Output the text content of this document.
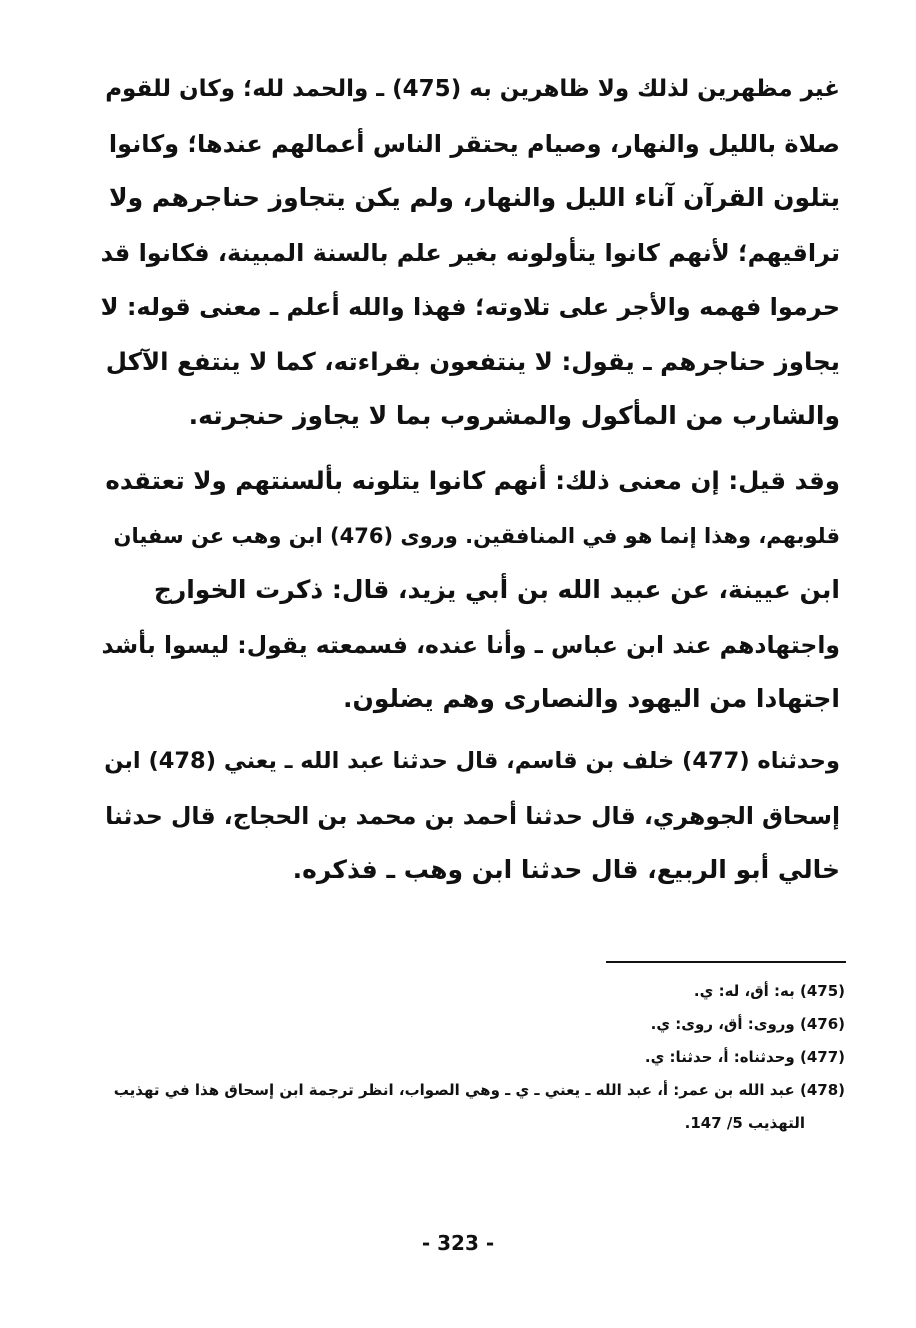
غير مظهرين لذلك ولا ظاهرين به (475) ـ والحمد لله؛ وكان للقوم
صلاة بالليل والنهار، وصيام يحتقر الناس أعمالهم عندها؛ وكانوا
يتلون القرآن آناء الليل والنهار، ولم يكن يتجاوز حناجرهم ولا
تراقيهم؛ لأنهم كانوا يتأولونه بغير علم بالسنة المبينة، فكانوا قد
حرموا فهمه والأجر على تلاوته؛ فهذا والله أعلم ـ معنى قوله: لا
يجاوز حناجرهم ـ يقول: لا ينتفعون بقراءته، كما لا ينتفع الآكل
والشارب من المأكول والمشروب بما لا يجاوز حنجرته.
وقد قيل: إن معنى ذلك: أنهم كانوا يتلونه بألسنتهم ولا تعتقده
قلوبهم، وهذا إنما هو في المنافقين. وروى (476) ابن وهب عن سفيان
ابن عيينة، عن عبيد الله بن أبي يزيد، قال: ذكرت الخوارج
واجتهادهم عند ابن عباس ـ وأنا عنده، فسمعته يقول: ليسوا بأشد
اجتهادا من اليهود والنصارى وهم يضلون.
وحدثناه (477) خلف بن قاسم، قال حدثنا عبد الله ـ يعني (478) ابن
إسحاق الجوهري، قال حدثنا أحمد بن محمد بن الحجاج، قال حدثنا
خالي أبو الربيع، قال حدثنا ابن وهب ـ فذكره.
(475) به: أق، له: ي.
(476) وروى: أق، روى: ي.
(477) وحدثناه: أ، حدثنا: ي.
(478) عبد الله بن عمر: أ، عبد الله ـ يعني ـ ي ـ وهي الصواب، انظر ترجمة ابن إسحاق هذا في تهذيب
التهذيب 5/ 147.
- 323 -
